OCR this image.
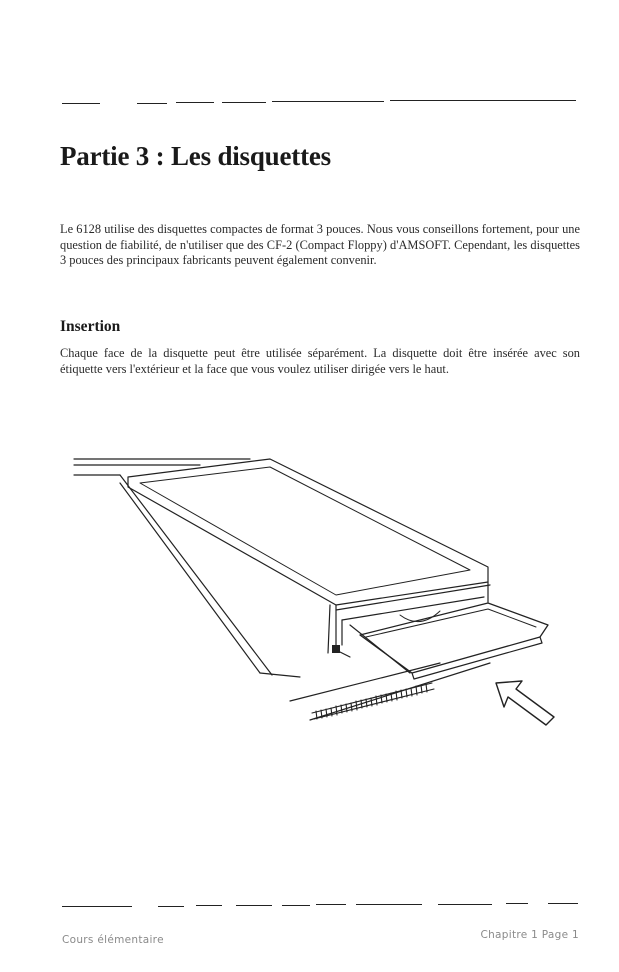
Partie 3 : Les disquettes

Le 6128 utilise des disquettes compactes de format 3 pouces. Nous vous conseillons fortement, pour une question de fiabilité, de n'utiliser que des CF-2 (Compact Floppy) d'AMSOFT. Cependant, les disquettes 3 pouces des principaux fabricants peuvent également convenir.

Insertion

Chaque face de la disquette peut être utilisée séparément. La disquette doit être insérée avec son étiquette vers l'extérieur et la face que vous voulez utiliser dirigée vers le haut.

Cours élémentaire	Chapitre 1 Page 1
